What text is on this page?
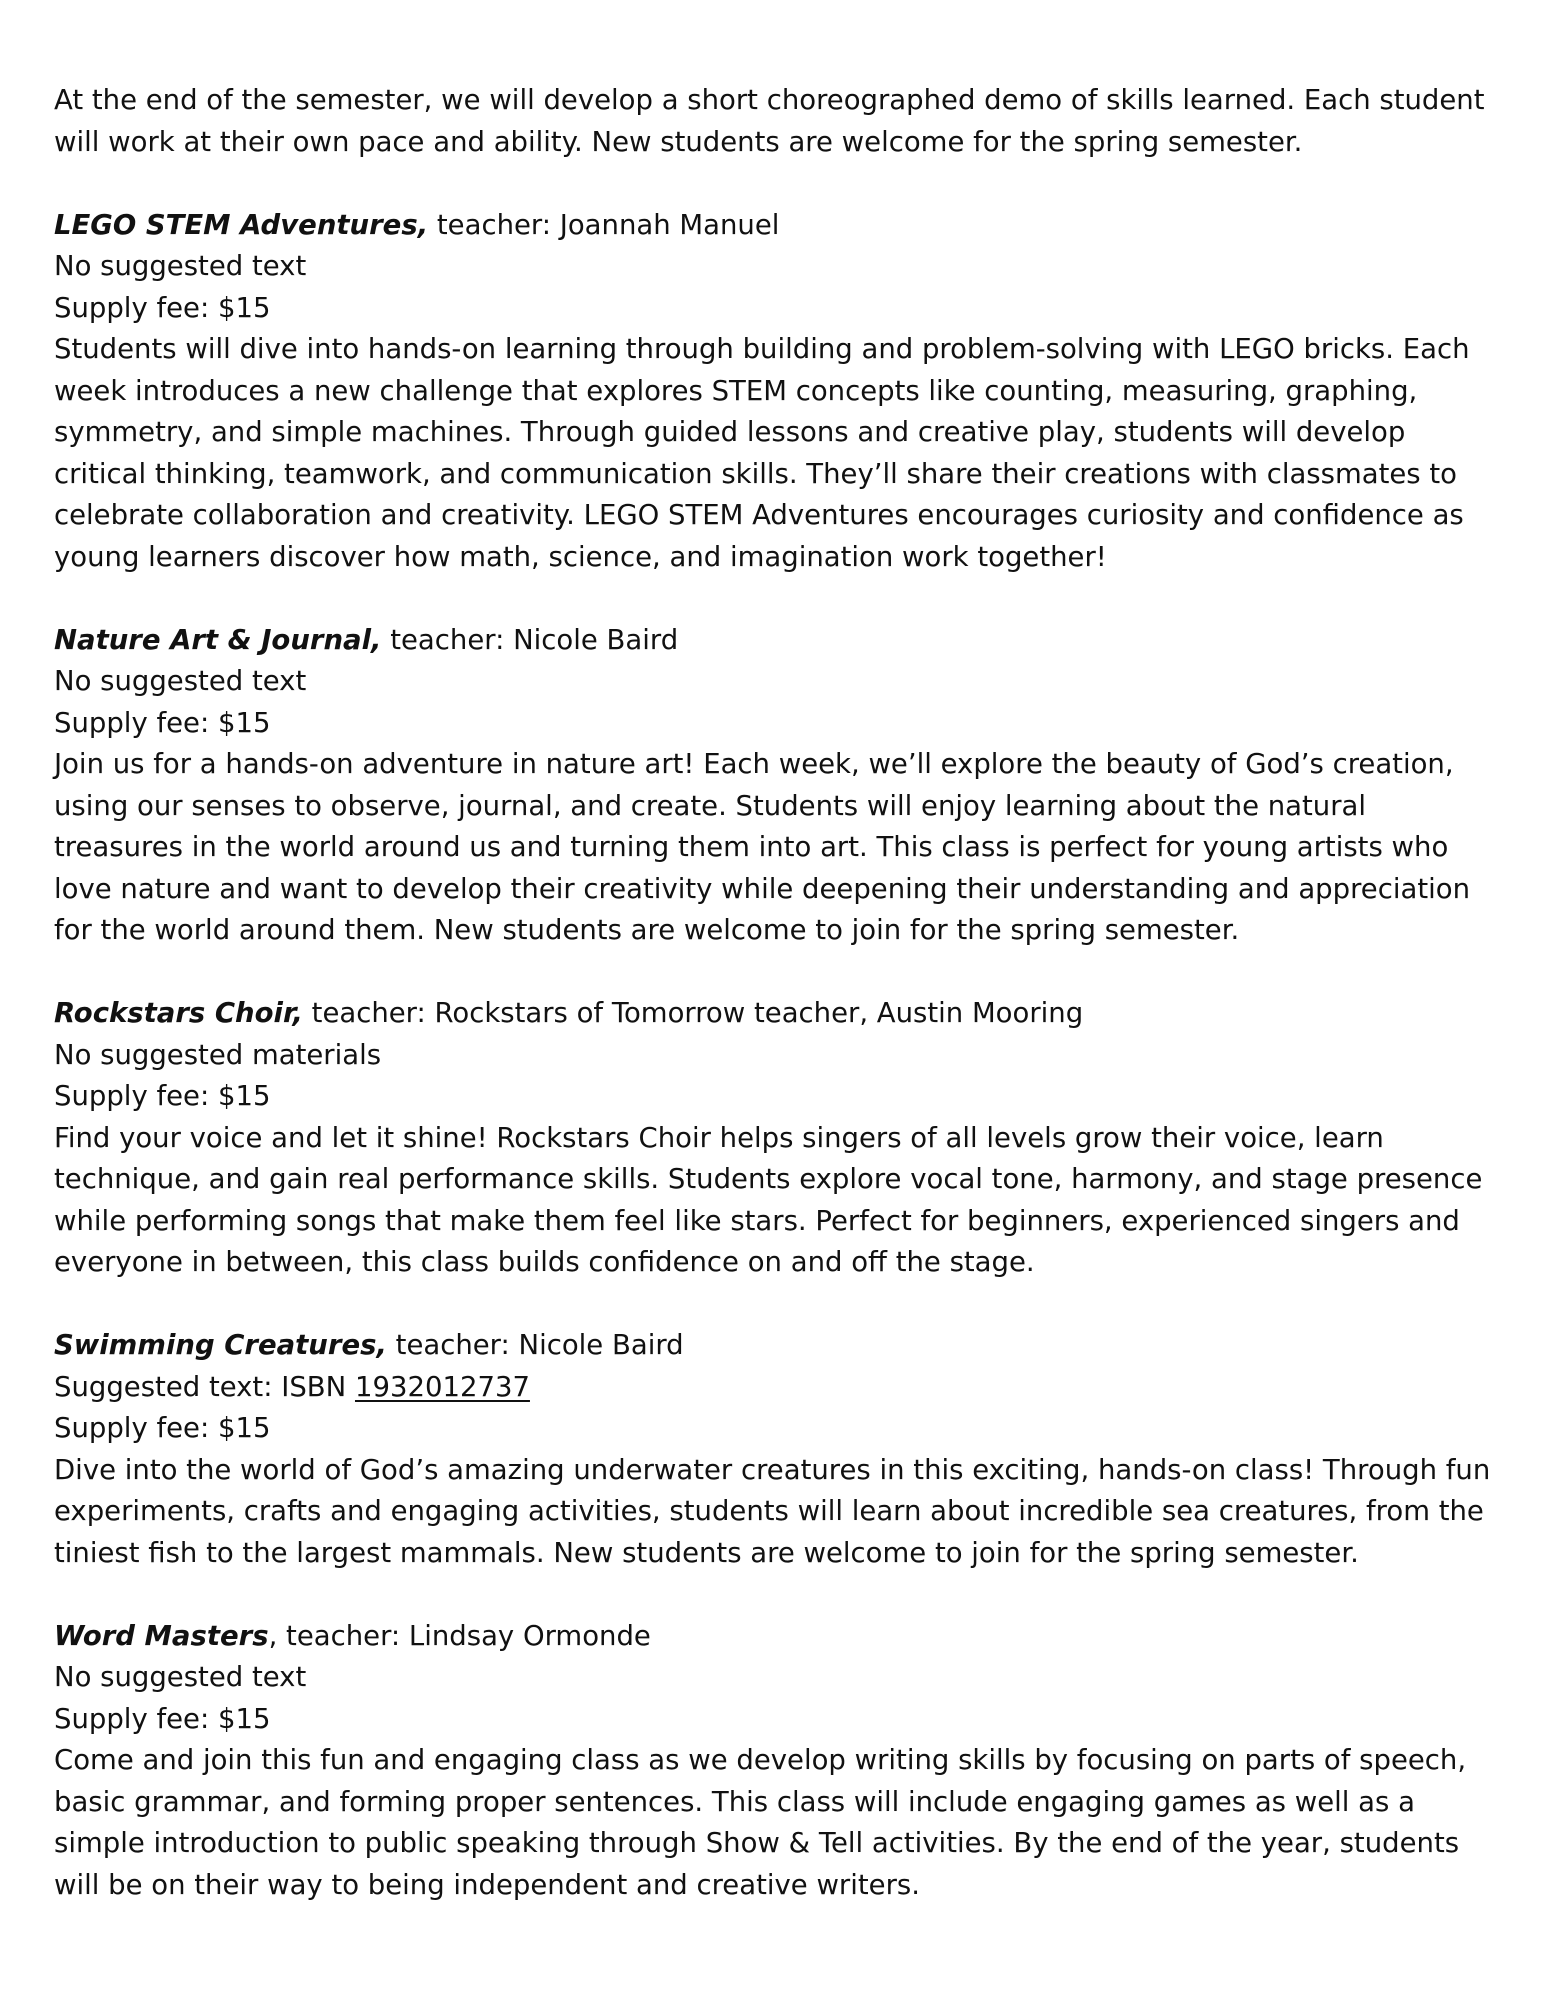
At the end of the semester, we will develop a short choreographed demo of skills learned. Each student will work at their own pace and ability. New students are welcome for the spring semester.

LEGO STEM Adventures, teacher: Joannah Manuel

No suggested text

Supply fee: $15

Students will dive into hands-on learning through building and problem-solving with LEGO bricks. Each week introduces a new challenge that explores STEM concepts like counting, measuring, graphing, symmetry, and simple machines. Through guided lessons and creative play, students will develop critical thinking, teamwork, and communication skills. They’ll share their creations with classmates to celebrate collaboration and creativity. LEGO STEM Adventures encourages curiosity and confidence as young learners discover how math, science, and imagination work together!

Nature Art & Journal, teacher: Nicole Baird

No suggested text

Supply fee: $15

Join us for a hands-on adventure in nature art! Each week, we’ll explore the beauty of God’s creation, using our senses to observe, journal, and create. Students will enjoy learning about the natural treasures in the world around us and turning them into art. This class is perfect for young artists who love nature and want to develop their creativity while deepening their understanding and appreciation for the world around them. New students are welcome to join for the spring semester.

Rockstars Choir, teacher: Rockstars of Tomorrow teacher, Austin Mooring

No suggested materials

Supply fee: $15

Find your voice and let it shine! Rockstars Choir helps singers of all levels grow their voice, learn technique, and gain real performance skills. Students explore vocal tone, harmony, and stage presence while performing songs that make them feel like stars. Perfect for beginners, experienced singers and everyone in between, this class builds confidence on and off the stage.

Swimming Creatures, teacher: Nicole Baird

Suggested text: ISBN 1932012737

Supply fee: $15

Dive into the world of God’s amazing underwater creatures in this exciting, hands-on class! Through fun experiments, crafts and engaging activities, students will learn about incredible sea creatures, from the tiniest fish to the largest mammals. New students are welcome to join for the spring semester.

Word Masters, teacher: Lindsay Ormonde

No suggested text

Supply fee: $15

Come and join this fun and engaging class as we develop writing skills by focusing on parts of speech, basic grammar, and forming proper sentences. This class will include engaging games as well as a simple introduction to public speaking through Show & Tell activities. By the end of the year, students will be on their way to being independent and creative writers.
